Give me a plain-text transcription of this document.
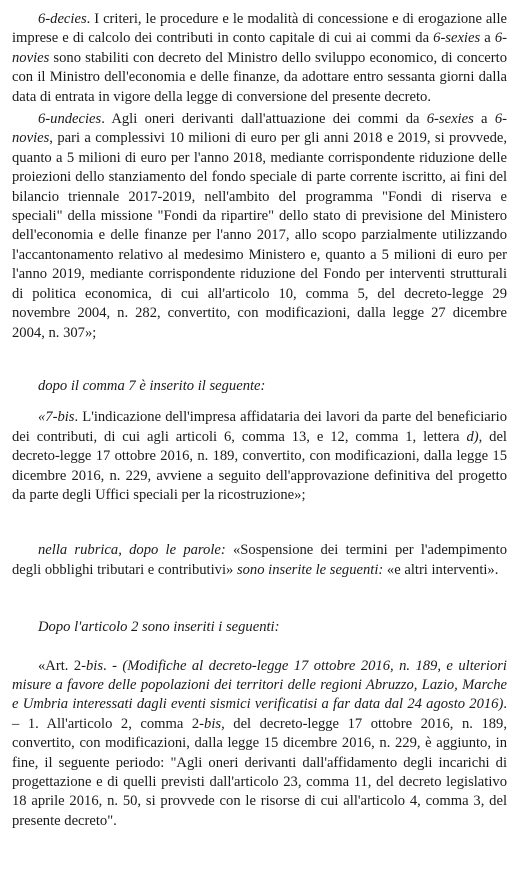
6-decies. I criteri, le procedure e le modalità di concessione e di erogazione alle imprese e di calcolo dei contributi in conto capitale di cui ai commi da 6-sexies a 6-novies sono stabiliti con decreto del Ministro dello sviluppo economico, di concerto con il Ministro dell'economia e delle finanze, da adottare entro sessanta giorni dalla data di entrata in vigore della legge di conversione del presente decreto.

6-undecies. Agli oneri derivanti dall'attuazione dei commi da 6-sexies a 6-novies, pari a complessivi 10 milioni di euro per gli anni 2018 e 2019, si provvede, quanto a 5 milioni di euro per l'anno 2018, mediante corrispondente riduzione delle proiezioni dello stanziamento del fondo speciale di parte corrente iscritto, ai fini del bilancio triennale 2017-2019, nell'ambito del programma "Fondi di riserva e speciali" della missione "Fondi da ripartire" dello stato di previsione del Ministero dell'economia e delle finanze per l'anno 2017, allo scopo parzialmente utilizzando l'accantonamento relativo al medesimo Ministero e, quanto a 5 milioni di euro per l'anno 2019, mediante corrispondente riduzione del Fondo per interventi strutturali di politica economica, di cui all'articolo 10, comma 5, del decreto-legge 29 novembre 2004, n. 282, convertito, con modificazioni, dalla legge 27 dicembre 2004, n. 307»;

dopo il comma 7 è inserito il seguente:

«7-bis. L'indicazione dell'impresa affidataria dei lavori da parte del beneficiario dei contributi, di cui agli articoli 6, comma 13, e 12, comma 1, lettera d), del decreto-legge 17 ottobre 2016, n. 189, convertito, con modificazioni, dalla legge 15 dicembre 2016, n. 229, avviene a seguito dell'approvazione definitiva del progetto da parte degli Uffici speciali per la ricostruzione»;

nella rubrica, dopo le parole: «Sospensione dei termini per l'adempimento degli obblighi tributari e contributivi» sono inserite le seguenti: «e altri interventi».

Dopo l'articolo 2 sono inseriti i seguenti:

«Art. 2-bis. - (Modifiche al decreto-legge 17 ottobre 2016, n. 189, e ulteriori misure a favore delle popolazioni dei territori delle regioni Abruzzo, Lazio, Marche e Umbria interessati dagli eventi sismici verificatisi a far data dal 24 agosto 2016). – 1. All'articolo 2, comma 2-bis, del decreto-legge 17 ottobre 2016, n. 189, convertito, con modificazioni, dalla legge 15 dicembre 2016, n. 229, è aggiunto, in fine, il seguente periodo: "Agli oneri derivanti dall'affidamento degli incarichi di progettazione e di quelli previsti dall'articolo 23, comma 11, del decreto legislativo 18 aprile 2016, n. 50, si provvede con le risorse di cui all'articolo 4, comma 3, del presente decreto".
